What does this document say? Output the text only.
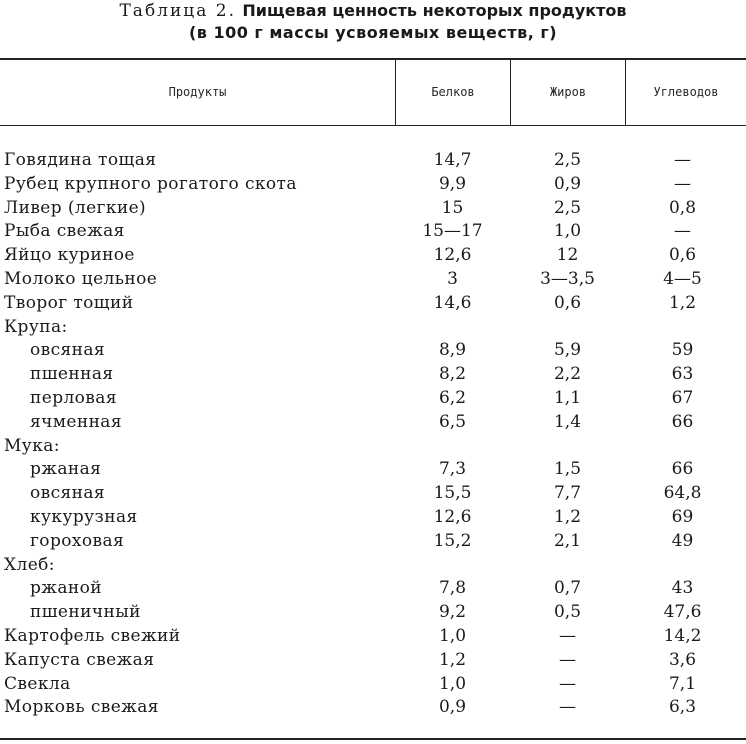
Таблица 2. Пищевая ценность некоторых продуктов
(в 100 г массы усвояемых веществ, г)
Продукты	Белков	Жиров	Углеводов
Говядина тощая	14,7	2,5	—
Рубец крупного рогатого скота	9,9	0,9	—
Ливер (легкие)	15	2,5	0,8
Рыба свежая	15—17	1,0	—
Яйцо куриное	12,6	12	0,6
Молоко цельное	3	3—3,5	4—5
Творог тощий	14,6	0,6	1,2
Крупа:
овсяная	8,9	5,9	59
пшенная	8,2	2,2	63
перловая	6,2	1,1	67
ячменная	6,5	1,4	66
Мука:
ржаная	7,3	1,5	66
овсяная	15,5	7,7	64,8
кукурузная	12,6	1,2	69
гороховая	15,2	2,1	49
Хлеб:
ржаной	7,8	0,7	43
пшеничный	9,2	0,5	47,6
Картофель свежий	1,0	—	14,2
Капуста свежая	1,2	—	3,6
Свекла	1,0	—	7,1
Морковь свежая	0,9	—	6,3
